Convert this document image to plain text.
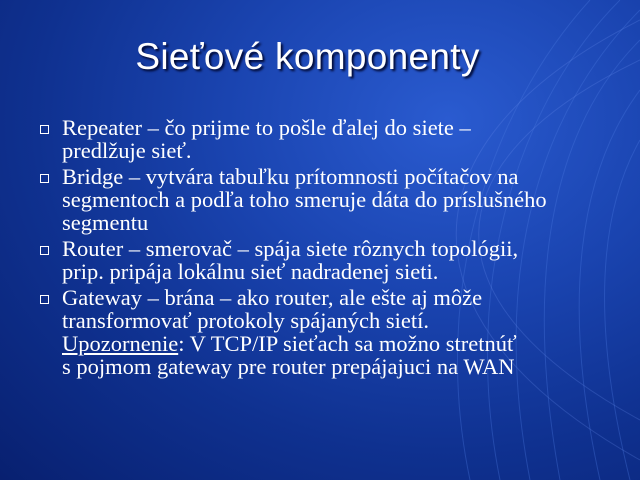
Sieťové komponenty
Repeater – čo prijme to pošle ďalej do siete –
predlžuje sieť.
Bridge – vytvára tabuľku prítomnosti počítačov na
segmentoch a podľa toho smeruje dáta do príslušného
segmentu
Router – smerovač – spája siete rôznych topológii,
prip. pripája lokálnu sieť nadradenej sieti.
Gateway – brána – ako router, ale ešte aj môže
transformovať protokoly spájaných sietí.
Upozornenie: V TCP/IP sieťach sa možno stretnúť
s pojmom gateway pre router prepájajuci na WAN
